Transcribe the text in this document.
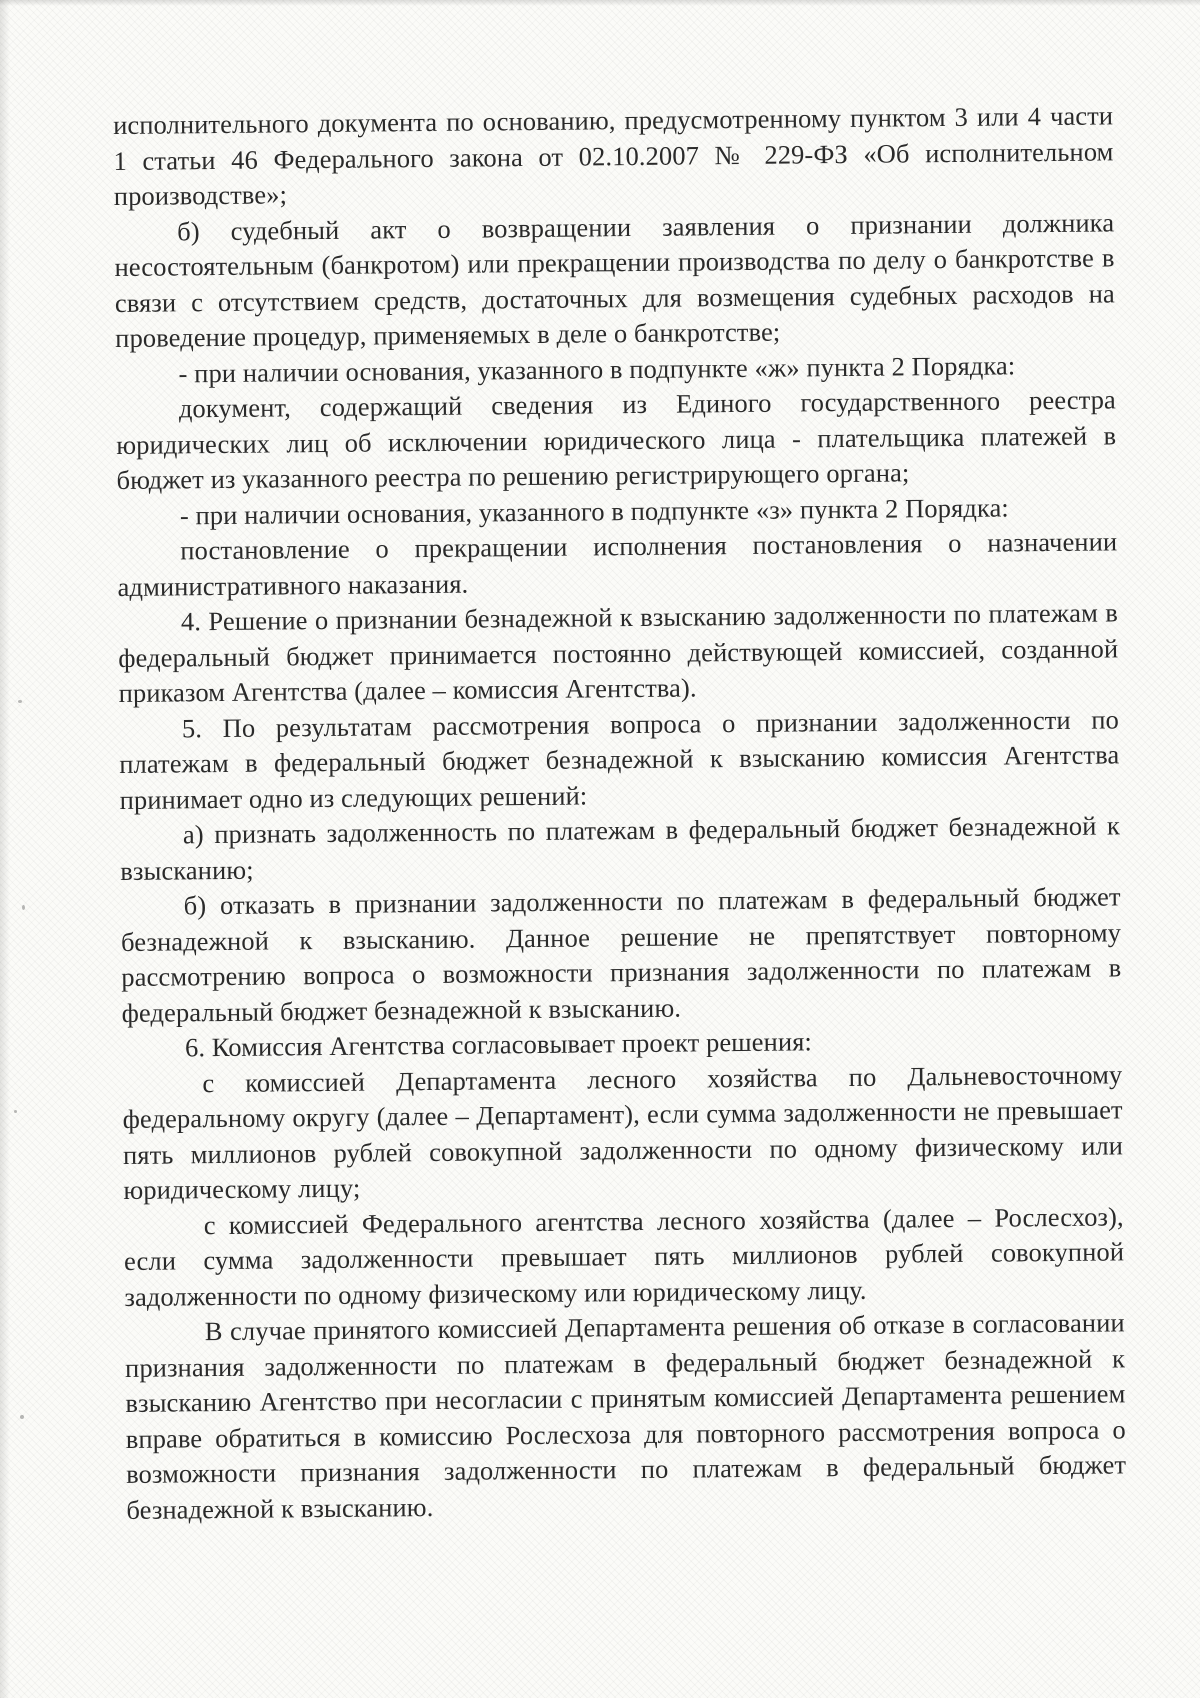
исполнительного документа по основанию, предусмотренному пунктом 3 или 4 части 1 статьи 46 Федерального закона от 02.10.2007 № 229-ФЗ «Об исполнительном производстве»;

б) судебный акт о возвращении заявления о признании должника несостоятельным (банкротом) или прекращении производства по делу о банкротстве в связи с отсутствием средств, достаточных для возмещения судебных расходов на проведение процедур, применяемых в деле о банкротстве;

- при наличии основания, указанного в подпункте «ж» пункта 2 Порядка:

документ, содержащий сведения из Единого государственного реестра юридических лиц об исключении юридического лица - плательщика платежей в бюджет из указанного реестра по решению регистрирующего органа;

- при наличии основания, указанного в подпункте «з» пункта 2 Порядка:

постановление о прекращении исполнения постановления о назначении административного наказания.

4. Решение о признании безнадежной к взысканию задолженности по платежам в федеральный бюджет принимается постоянно действующей комиссией, созданной приказом Агентства (далее – комиссия Агентства).

5. По результатам рассмотрения вопроса о признании задолженности по платежам в федеральный бюджет безнадежной к взысканию комиссия Агентства принимает одно из следующих решений:

а) признать задолженность по платежам в федеральный бюджет безнадежной к взысканию;

б) отказать в признании задолженности по платежам в федеральный бюджет безнадежной к взысканию. Данное решение не препятствует повторному рассмотрению вопроса о возможности признания задолженности по платежам в федеральный бюджет безнадежной к взысканию.

6. Комиссия Агентства согласовывает проект решения:

с комиссией Департамента лесного хозяйства по Дальневосточному федеральному округу (далее – Департамент), если сумма задолженности не превышает пять миллионов рублей совокупной задолженности по одному физическому или юридическому лицу;

с комиссией Федерального агентства лесного хозяйства (далее – Рослесхоз), если сумма задолженности превышает пять миллионов рублей совокупной задолженности по одному физическому или юридическому лицу.

В случае принятого комиссией Департамента решения об отказе в согласовании признания задолженности по платежам в федеральный бюджет безнадежной к взысканию Агентство при несогласии с принятым комиссией Департамента решением вправе обратиться в комиссию Рослесхоза для повторного рассмотрения вопроса о возможности признания задолженности по платежам в федеральный бюджет безнадежной к взысканию.
